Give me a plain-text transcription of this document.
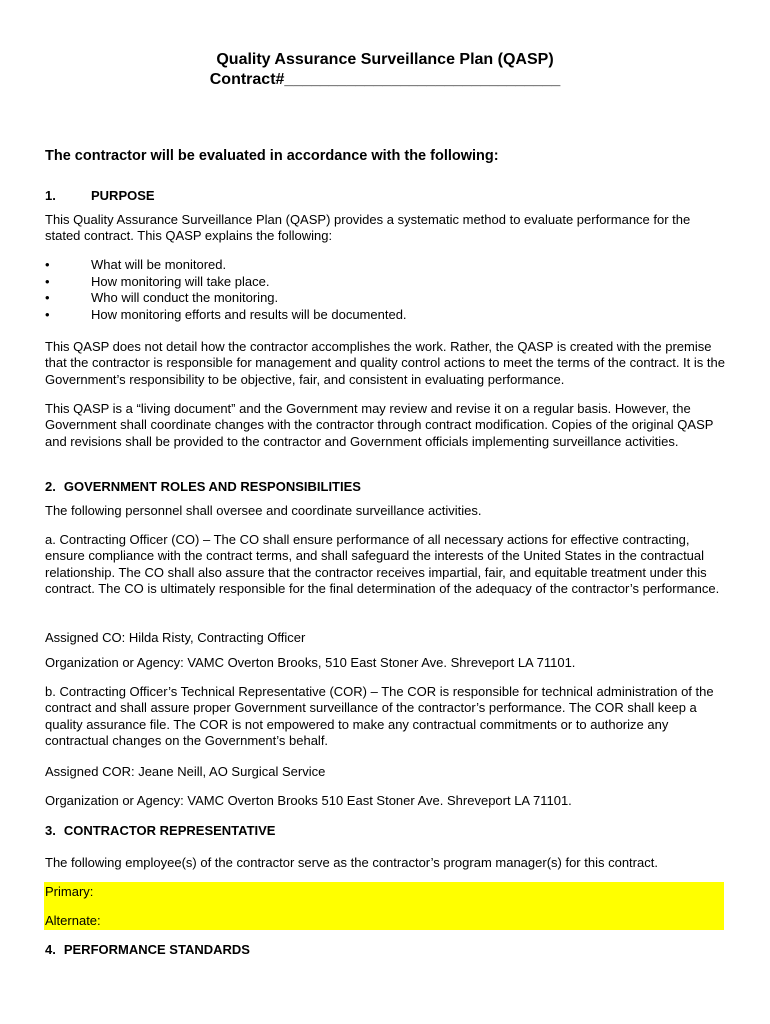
Quality Assurance Surveillance Plan (QASP)
Contract#_______________________________
The contractor will be evaluated in accordance with the following:
1.	PURPOSE

This Quality Assurance Surveillance Plan (QASP) provides a systematic method to evaluate performance for the stated contract. This QASP explains the following:

•	What will be monitored.
•	How monitoring will take place.
•	Who will conduct the monitoring.
•	How monitoring efforts and results will be documented.

This QASP does not detail how the contractor accomplishes the work. Rather, the QASP is created with the premise that the contractor is responsible for management and quality control actions to meet the terms of the contract. It is the Government’s responsibility to be objective, fair, and consistent in evaluating performance.

This QASP is a “living document” and the Government may review and revise it on a regular basis. However, the Government shall coordinate changes with the contractor through contract modification. Copies of the original QASP and revisions shall be provided to the contractor and Government officials implementing surveillance activities.

2. GOVERNMENT ROLES AND RESPONSIBILITIES

The following personnel shall oversee and coordinate surveillance activities.

a. Contracting Officer (CO) – The CO shall ensure performance of all necessary actions for effective contracting, ensure compliance with the contract terms, and shall safeguard the interests of the United States in the contractual relationship. The CO shall also assure that the contractor receives impartial, fair, and equitable treatment under this contract. The CO is ultimately responsible for the final determination of the adequacy of the contractor’s performance.

Assigned CO: Hilda Risty, Contracting Officer

Organization or Agency: VAMC Overton Brooks, 510 East Stoner Ave. Shreveport LA 71101.

b. Contracting Officer’s Technical Representative (COR) – The COR is responsible for technical administration of the contract and shall assure proper Government surveillance of the contractor’s performance. The COR shall keep a quality assurance file. The COR is not empowered to make any contractual commitments or to authorize any contractual changes on the Government’s behalf.

Assigned COR: Jeane Neill, AO Surgical Service

Organization or Agency: VAMC Overton Brooks 510 East Stoner Ave. Shreveport LA 71101.

3. CONTRACTOR REPRESENTATIVE

The following employee(s) of the contractor serve as the contractor’s program manager(s) for this contract.

Primary:
Alternate:
4. PERFORMANCE STANDARDS
